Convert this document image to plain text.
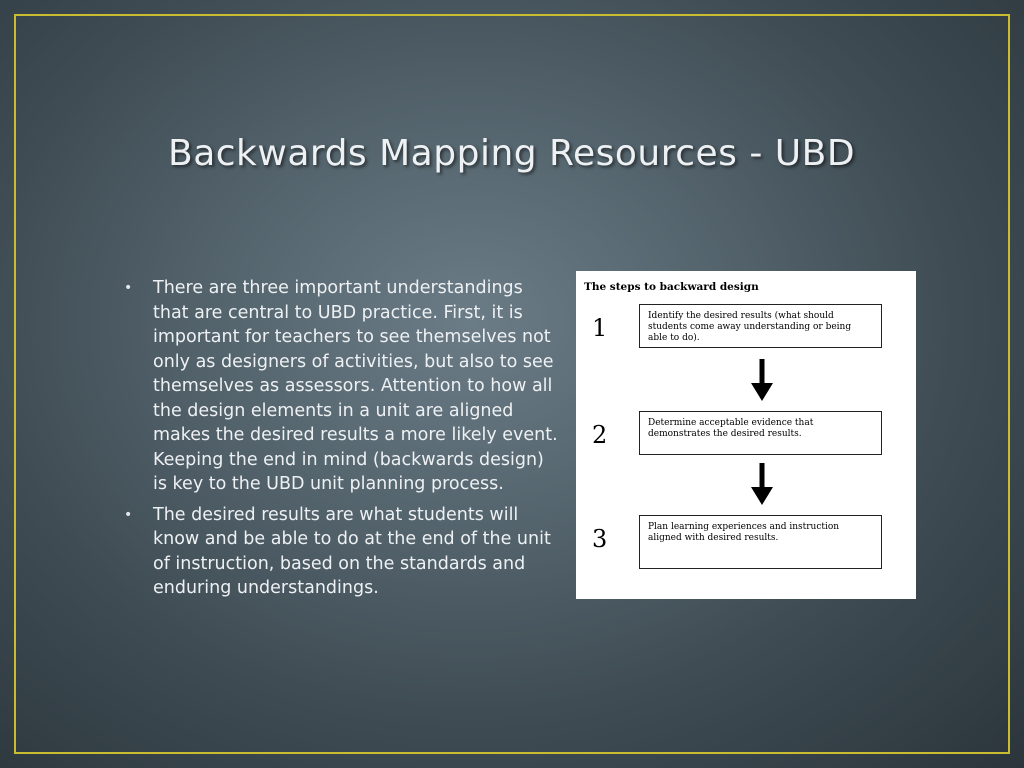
Backwards Mapping Resources - UBD
• There are three important understandings that are central to UBD practice. First, it is important for teachers to see themselves not only as designers of activities, but also to see themselves as assessors. Attention to how all the design elements in a unit are aligned makes the desired results a more likely event. Keeping the end in mind (backwards design) is key to the UBD unit planning process.
• The desired results are what students will know and be able to do at the end of the unit of instruction, based on the standards and enduring understandings.
The steps to backward design
1	Identify the desired results (what should students come away understanding or being able to do).
2	Determine acceptable evidence that demonstrates the desired results.
3	Plan learning experiences and instruction aligned with desired results.
